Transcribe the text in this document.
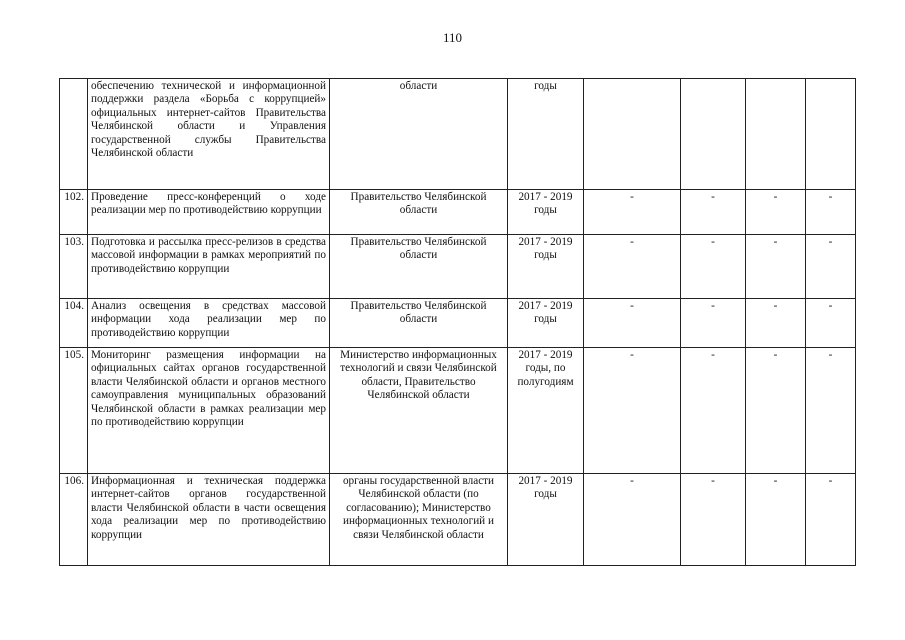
110
	обеспечению технической и информационной поддержки раздела «Борьба с коррупцией» официальных интернет-сайтов Правительства Челябинской области и Управления государственной службы Правительства Челябинской области	области	годы				
102.	Проведение пресс-конференций о ходе реализации мер по противодействию коррупции	Правительство Челябинской области	2017 - 2019 годы	-	-	-	-
103.	Подготовка и рассылка пресс-релизов в средства массовой информации в рамках мероприятий по противодействию коррупции	Правительство Челябинской области	2017 - 2019 годы	-	-	-	-
104.	Анализ освещения в средствах массовой информации хода реализации мер по противодействию коррупции	Правительство Челябинской области	2017 - 2019 годы	-	-	-	-
105.	Мониторинг размещения информации на официальных сайтах органов государственной власти Челябинской области и органов местного самоуправления муниципальных образований Челябинской области в рамках реализации мер по противодействию коррупции	Министерство информационных технологий и связи Челябинской области, Правительство Челябинской области	2017 - 2019 годы, по полугодиям	-	-	-	-
106.	Информационная и техническая поддержка интернет-сайтов органов государственной власти Челябинской области в части освещения хода реализации мер по противодействию коррупции	органы государственной власти Челябинской области (по согласованию); Министерство информационных технологий и связи Челябинской области	2017 - 2019 годы	-	-	-	-
